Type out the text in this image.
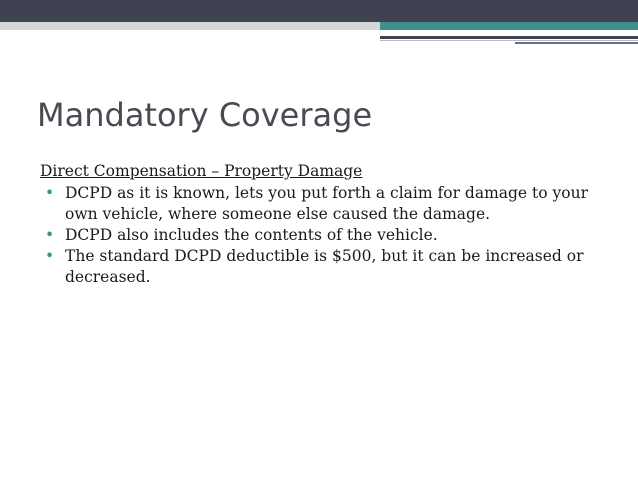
Mandatory Coverage
Direct Compensation – Property Damage
• DCPD as it is known, lets you put forth a claim for damage to your own vehicle, where someone else caused the damage.
• DCPD also includes the contents of the vehicle.
• The standard DCPD deductible is $500, but it can be increased or decreased.
